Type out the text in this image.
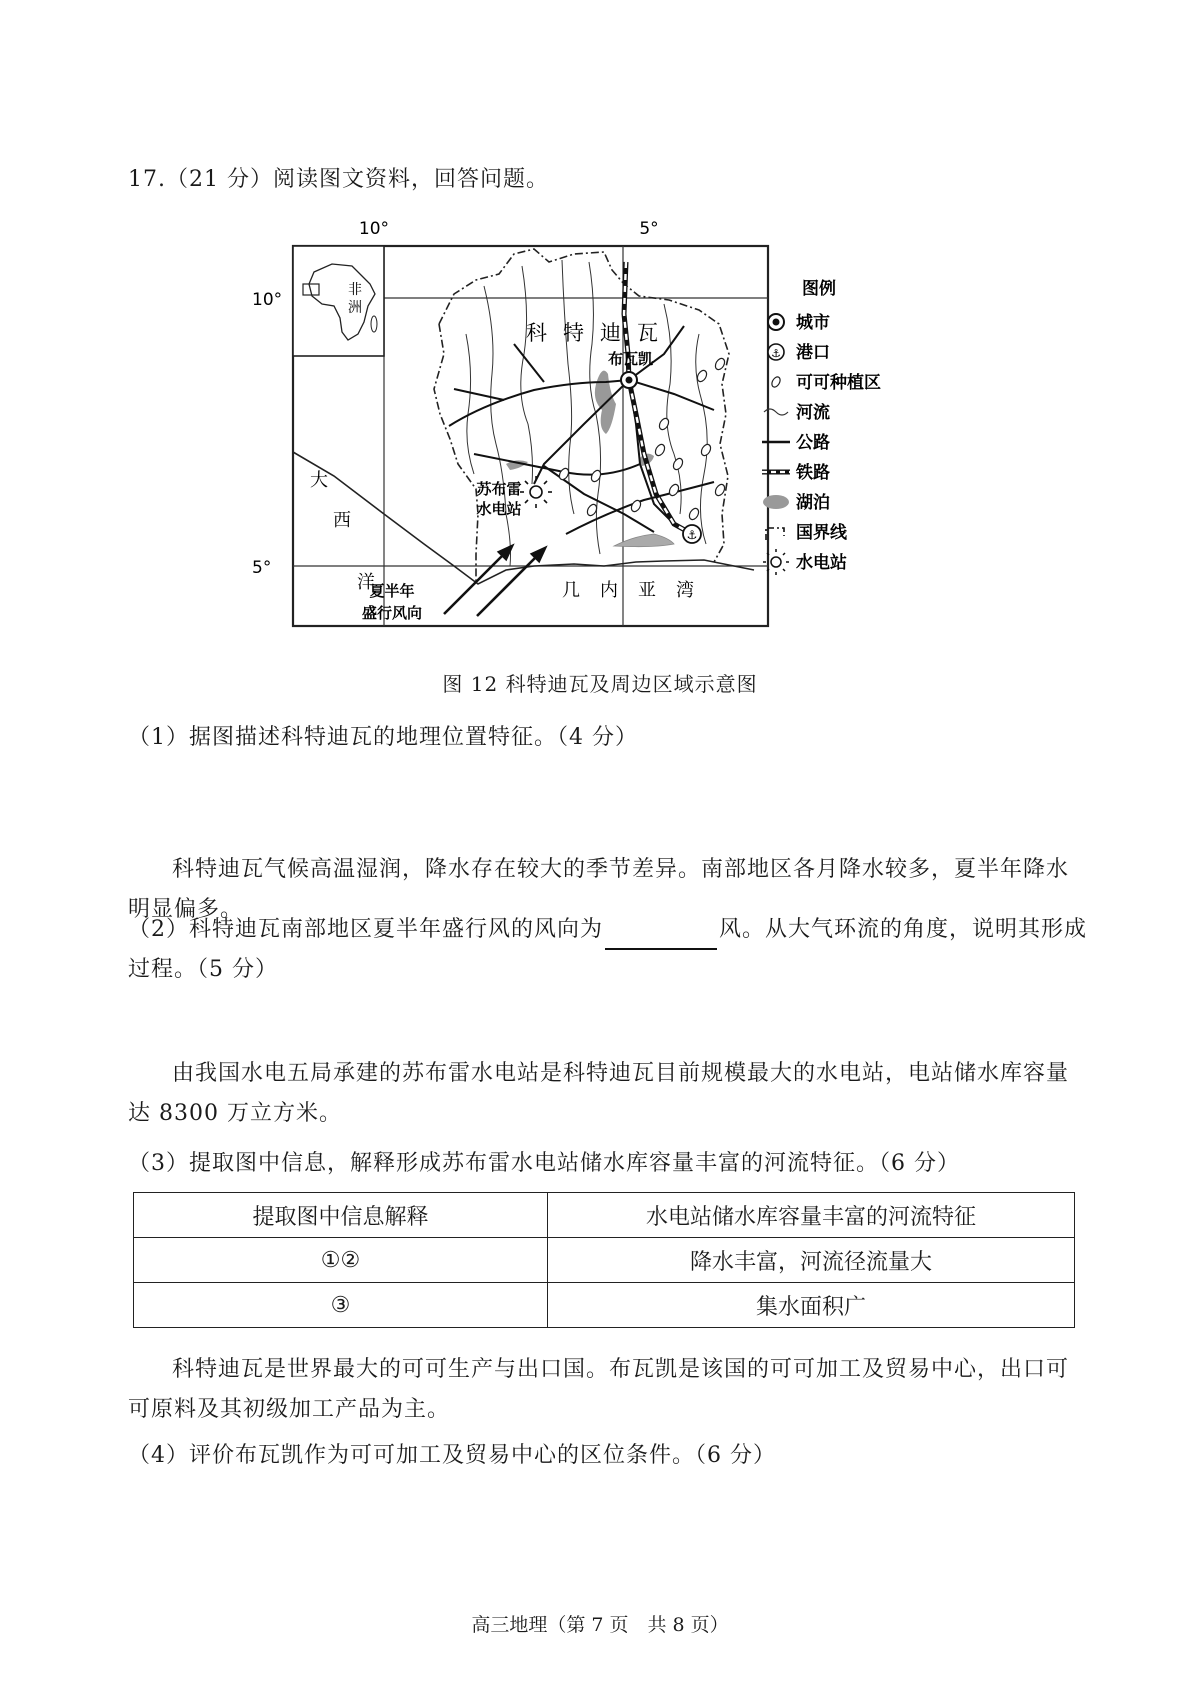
17.（21 分）阅读图文资料，回答问题。
10°	5°
10°
5°
非
洲
科特迪瓦
布瓦凯
⚓
苏布雷
水电站
大
西
洋	几内亚湾
夏半年
盛行风向
图例
城市
⚓ 港口
可可种植区
河流
公路
铁路
湖泊
国界线
水电站
图 12 科特迪瓦及周边区域示意图
（1）据图描述科特迪瓦的地理位置特征。（4 分）
科特迪瓦气候高温湿润，降水存在较大的季节差异。南部地区各月降水较多，夏半年降水明显偏多。
（2）科特迪瓦南部地区夏半年盛行风的风向为	风。从大气环流的角度，说明其形成过程。（5 分）
由我国水电五局承建的苏布雷水电站是科特迪瓦目前规模最大的水电站，电站储水库容量达 8300 万立方米。
（3）提取图中信息，解释形成苏布雷水电站储水库容量丰富的河流特征。（6 分）
提取图中信息解释	水电站储水库容量丰富的河流特征
①②	降水丰富，河流径流量大
③	集水面积广
科特迪瓦是世界最大的可可生产与出口国。布瓦凯是该国的可可加工及贸易中心，出口可可原料及其初级加工产品为主。
（4）评价布瓦凯作为可可加工及贸易中心的区位条件。（6 分）
高三地理（第 7 页　共 8 页）
